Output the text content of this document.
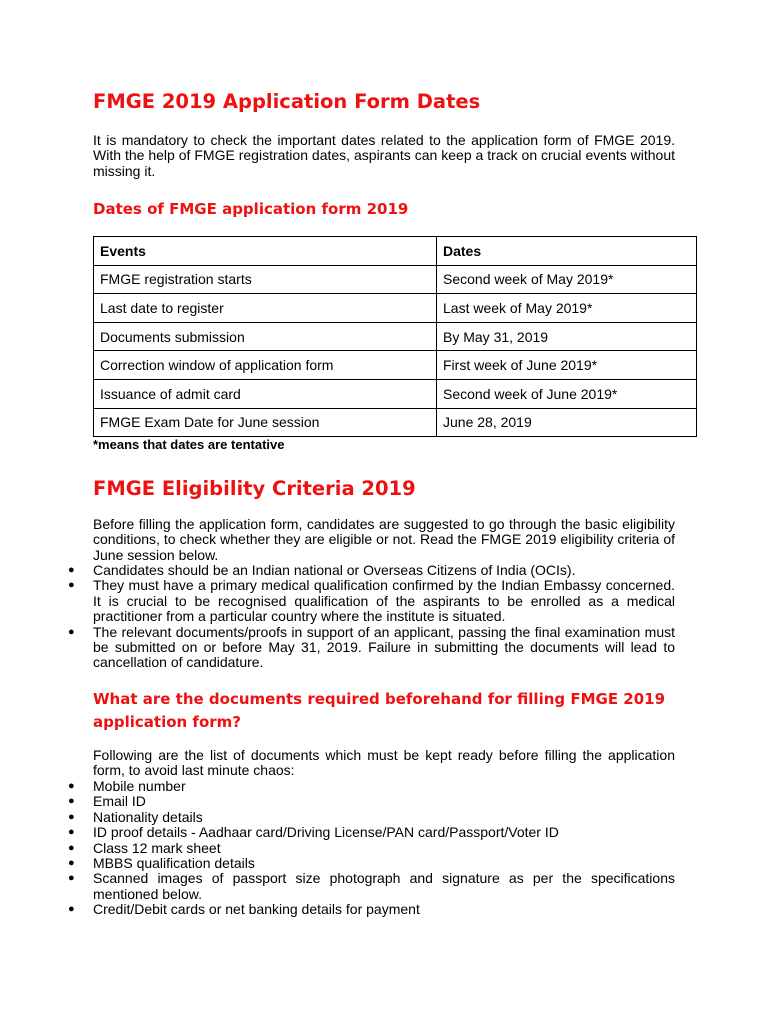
FMGE 2019 Application Form Dates

It is mandatory to check the important dates related to the application form of FMGE 2019. With the help of FMGE registration dates, aspirants can keep a track on crucial events without missing it.

Dates of FMGE application form 2019
Events	Dates
FMGE registration starts	Second week of May 2019*
Last date to register	Last week of May 2019*
Documents submission	By May 31, 2019
Correction window of application form	First week of June 2019*
Issuance of admit card	Second week of June 2019*
FMGE Exam Date for June session	June 28, 2019
*means that dates are tentative
FMGE Eligibility Criteria 2019

Before filling the application form, candidates are suggested to go through the basic eligibility conditions, to check whether they are eligible or not. Read the FMGE 2019 eligibility criteria of June session below.

● Candidates should be an Indian national or Overseas Citizens of India (OCIs).
● They must have a primary medical qualification confirmed by the Indian Embassy concerned. It is crucial to be recognised qualification of the aspirants to be enrolled as a medical practitioner from a particular country where the institute is situated.
● The relevant documents/proofs in support of an applicant, passing the final examination must be submitted on or before May 31, 2019. Failure in submitting the documents will lead to cancellation of candidature.
What are the documents required beforehand for filling FMGE 2019 application form?

Following are the list of documents which must be kept ready before filling the application form, to avoid last minute chaos:

● Mobile number
● Email ID
● Nationality details
● ID proof details - Aadhaar card/Driving License/PAN card/Passport/Voter ID
● Class 12 mark sheet
● MBBS qualification details
● Scanned images of passport size photograph and signature as per the specifications mentioned below.
● Credit/Debit cards or net banking details for payment
